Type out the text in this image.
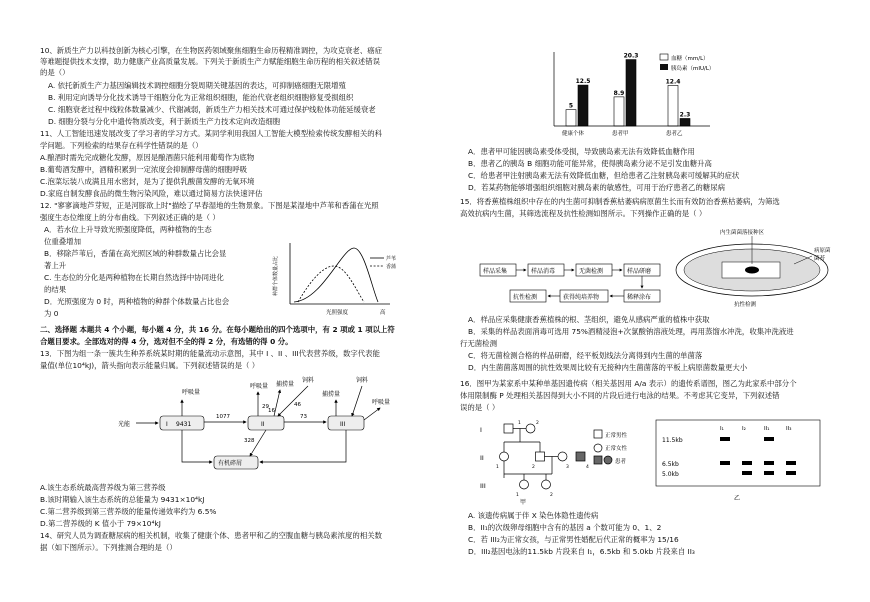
10、新质生产力以科技创新为核心引擎，在生物医药领域聚焦细胞生命历程精准调控，为攻克衰老、癌症
等难题提供技术支撑，助力健康产业高质量发展。下列关于新质生产力赋能细胞生命历程的相关叙述错误
的是（）
A. 依托新质生产力基因编辑技术调控细胞分裂周期关键基因的表达，可抑制癌细胞无限增殖
B. 利用定向诱导分化技术诱导干细胞分化为正常组织细胞，能治代衰老组织细胞修复受损组织
C. 细胞衰老过程中线粒体数量减少、代谢减弱，新质生产力相关技术可通过保护线粒体功能延缓衰老
D. 细胞分裂与分化中遗传物质改变，利于新质生产力技术定向改造细胞
11、人工智能迅速发展改变了学习者的学习方式。某同学利用我国人工智能大模型检索传统发酵相关的科
学问题。下列检索的结果存在科学性错误的是（）
A.酿酒时需先完成糖化发酵，原因是酿酒菌只能利用葡萄作为底物
B.葡萄酒发酵中，酒精积累到一定浓度会抑制酵母菌的细胞呼吸
C.泡菜坛装八成满且用水密封，是为了提供乳酸菌发酵的无氧环境
D.家庭自制发酵食品的微生物污染风险，难以通过简易方法快速评估
12. "寥寥滴地芦芽短，正是河豚欲上时"描绘了早春湿地的生物景象。下图是某湿地中芦苇和香蒲在光照
强度生态位维度上的分布曲线。下列叙述正确的是（ ）
A．若水位上升导致光照强度降低，两种植物的生态
位重叠增加
B．移除芦苇后，香蒲在高光照区域的种群数量占比会显
著上升
C. 生态位的分化是两种植物在长期自然选择中协同进化
的结果
D．光照强度为 0 时，两种植物的种群个体数量占比也会
为 0
种群个体数量占比
光照强度	高
芦苇
香蒲
二、选择题 本题共 4 个小题，每小题 4 分，共 16 分。在每小题给出的四个选项中，有 2 项或 1 项以上符
合题目要求。全部选对的得 4 分，选对但不全的得 2 分，有选错的得 0 分。
13．下图为组一条一簇共生种养系统某时期的能量流动示意图，其中 I 、II 、III代表营养级，数字代表能
量值(单位10⁴kJ)，箭头指向表示能量归属。下列叙述错误的是（ ）
光能	I 9431	II	III
1077	73
呼吸量
呼吸量
29
捕捞量
饲料
46
饲料
捕捞量
呼吸量
16
有机碎屑
328
A.该生态系统最高营养级为第三营养级
B.该时期输入该生态系统的总能量为 9431×10⁴kJ
C.第二营养级到第三营养级的能量传递效率约为 6.5%
D.第二营养级的 K 值小于 79×10⁴kJ
14、研究人员为调查糖尿病的相关机制，收集了健康个体、患者甲和乙的空腹血糖与胰岛素浓度的相关数
据（如下图所示）。下列推测合理的是（）
5
12.5
8.9
20.3
12.4
2.3
健康个体	患者甲	患者乙
血糖（mm/L）
胰岛素（mIU/L）
A．患者甲可能因胰岛素受体受损，导致胰岛素无法有效降低血糖作用
B．患者乙的胰岛 B 细胞功能可能异常，使得胰岛素分泌不足引发血糖升高
C．给患者甲注射胰岛素无法有效降低血糖，但给患者乙注射胰岛素可缓解其的症状
D．若某药物能够增强组织细胞对胰岛素的敏感性，可用于治疗患者乙的糖尿病
15．将香蕉植株组织中存在的内生菌可抑制香蕉枯萎病病原菌生长而有效防治香蕉枯萎病，为筛选
高效抗病内生菌，其筛选流程及抗性检测如图所示。下列操作正确的是（ ）
样品采集	样品消毒	无菌检测	样品研磨
稀释涂布
获得纯培养物
抗性检测
内生菌菌落接种区
病原菌
菌苔
抗性检测
A．样品应采集健康香蕉植株的根、茎组织，避免从感病严重的植株中获取
B．采集的样品表面消毒可选用 75%酒精浸泡+次氯酸钠溶液处理，再用蒸馏水冲洗，收集冲洗液进
行无菌检测
C．将无菌检测合格的样品研磨，经平板划线法分离得到内生菌的单菌落
D．内生菌菌落周围的抗性效果周比较有无接种内生菌菌落的平板上病原菌数量更大小
16．图甲为某家系中某种单基因遗传病（相关基因用 A/a 表示）的遗传系谱图，图乙为此家系中部分个
体用限制酶 P 处理相关基因得到大小不同的片段后进行电泳的结果。不考虑其它变异，下列叙述错
误的是（ ）
I
II
III
1	2
1	2	3	4
1	2
正常男性
正常女性
患者
甲
I₁	I₂	II₁	II₃
11.5kb
6.5kb
5.0kb
乙
A. 该遗传病属于伴 X 染色体隐性遗传病
B．II₁的次级卵母细胞中含有的基因 a 个数可能为 0、1、2
C．若 III₂为正常女孩，与正常男性婚配后代正常的概率为 15/16
D．III₂基因电泳的11.5kb 片段来自 I₁，6.5kb 和 5.0kb 片段来自 II₃
